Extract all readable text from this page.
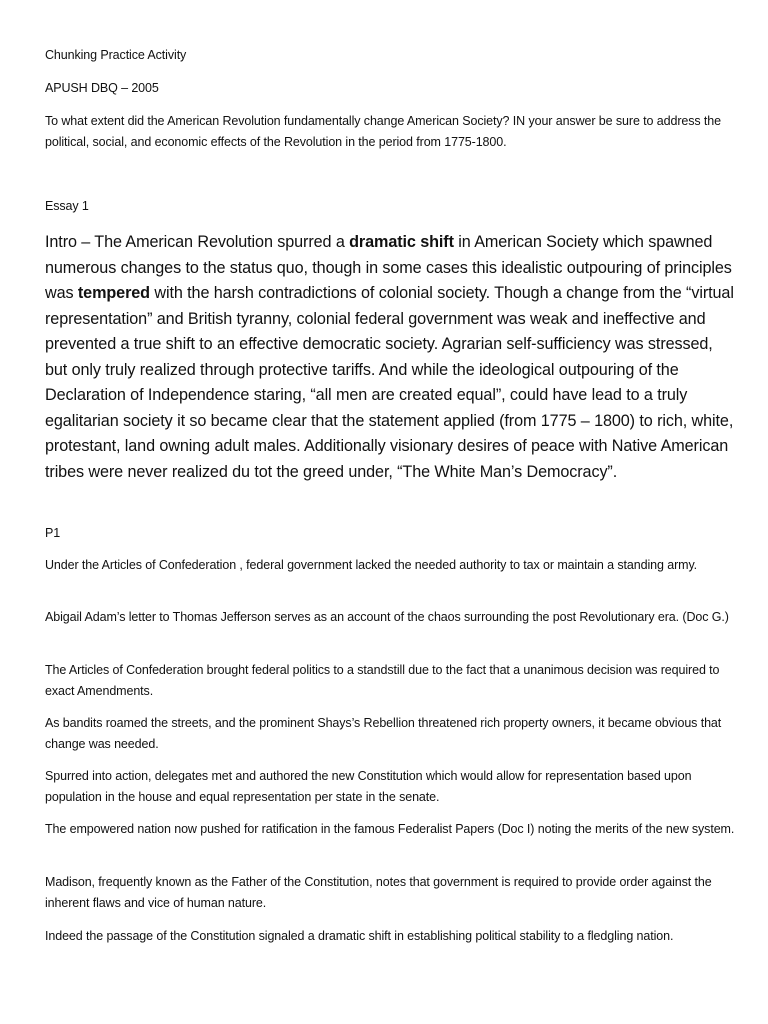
Chunking Practice Activity

APUSH DBQ – 2005

To what extent did the American Revolution fundamentally change American Society? IN your answer be sure to address the political, social, and economic effects of the Revolution in the period from 1775-1800.

Essay 1

Intro – The American Revolution spurred a dramatic shift in American Society which spawned numerous changes to the status quo, though in some cases this idealistic outpouring of principles was tempered with the harsh contradictions of colonial society. Though a change from the “virtual representation” and British tyranny, colonial federal government was weak and ineffective and prevented a true shift to an effective democratic society. Agrarian self-sufficiency was stressed, but only truly realized through protective tariffs. And while the ideological outpouring of the Declaration of Independence staring, “all men are created equal”, could have lead to a truly egalitarian society it so became clear that the statement applied (from 1775 – 1800) to rich, white, protestant, land owning adult males. Additionally visionary desires of peace with Native American tribes were never realized du tot the greed under, “The White Man’s Democracy”.

P1

Under the Articles of Confederation , federal government lacked the needed authority to tax or maintain a standing army.

Abigail Adam’s letter to Thomas Jefferson serves as an account of the chaos surrounding the post Revolutionary era. (Doc G.)

The Articles of Confederation brought federal politics to a standstill due to the fact that a unanimous decision was required to exact Amendments.

As bandits roamed the streets, and the prominent Shays’s Rebellion threatened rich property owners, it became obvious that change was needed.

Spurred into action, delegates met and authored the new Constitution which would allow for representation based upon population in the house and equal representation per state in the senate.

The empowered nation now pushed for ratification in the famous Federalist Papers (Doc I) noting the merits of the new system.

Madison, frequently known as the Father of the Constitution, notes that government is required to provide order against the inherent flaws and vice of human nature.

Indeed the passage of the Constitution signaled a dramatic shift in establishing political stability to a fledgling nation.
